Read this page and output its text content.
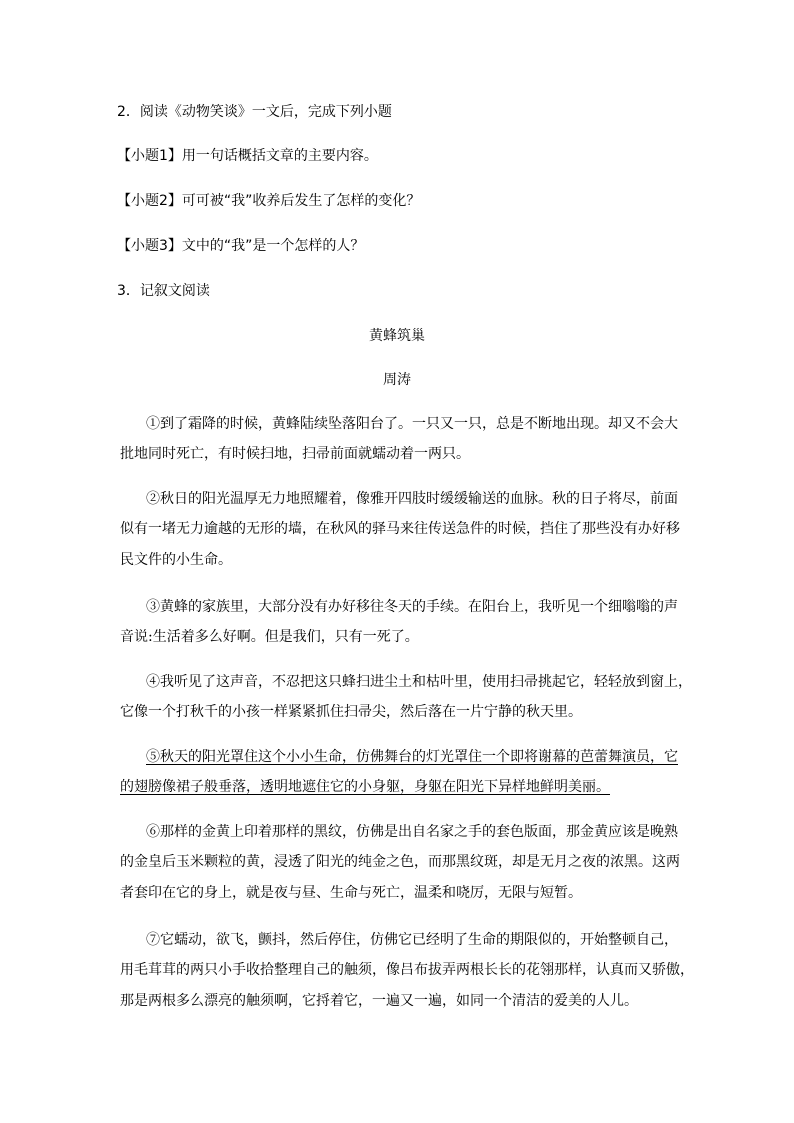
2．阅读《动物笑谈》一文后，完成下列小题
【小题1】用一句话概括文章的主要内容。
【小题2】可可被“我”收养后发生了怎样的变化？
【小题3】文中的“我”是一个怎样的人？
3．记叙文阅读
黄蜂筑巢
周涛
①到了霜降的时候，黄蜂陆续坠落阳台了。一只又一只，总是不断地出现。却又不会大
批地同时死亡，有时候扫地，扫帚前面就蠕动着一两只。
②秋日的阳光温厚无力地照耀着，像雅开四肢时缓缓输送的血脉。秋的日子将尽，前面
似有一堵无力逾越的无形的墙，在秋风的驿马来往传送急件的时候，挡住了那些没有办好移
民文件的小生命。
③黄蜂的家族里，大部分没有办好移往冬天的手续。在阳台上，我听见一个细嗡嗡的声
音说:生活着多么好啊。但是我们，只有一死了。
④我听见了这声音，不忍把这只蜂扫进尘土和枯叶里，使用扫帚挑起它，轻轻放到窗上，
它像一个打秋千的小孩一样紧紧抓住扫帚尖，然后落在一片宁静的秋天里。
⑤秋天的阳光罩住这个小小生命，仿佛舞台的灯光罩住一个即将谢幕的芭蕾舞演员，它
的翅膀像裙子般垂落，透明地遮住它的小身躯，身躯在阳光下异样地鲜明美丽。
⑥那样的金黄上印着那样的黑纹，仿佛是出自名家之手的套色版面，那金黄应该是晚熟
的金皇后玉米颗粒的黄，浸透了阳光的纯金之色，而那黑纹斑，却是无月之夜的浓黑。这两
者套印在它的身上，就是夜与昼、生命与死亡，温柔和哓厉，无限与短暂。
⑦它蠕动，欲飞，颤抖，然后停住，仿佛它已经明了生命的期限似的，开始整顿自己，
用毛茸茸的两只小手收拾整理自己的触须，像吕布拔弄两根长长的花翎那样，认真而又骄傲，
那是两根多么漂亮的触须啊，它捋着它，一遍又一遍，如同一个清洁的爱美的人儿。
